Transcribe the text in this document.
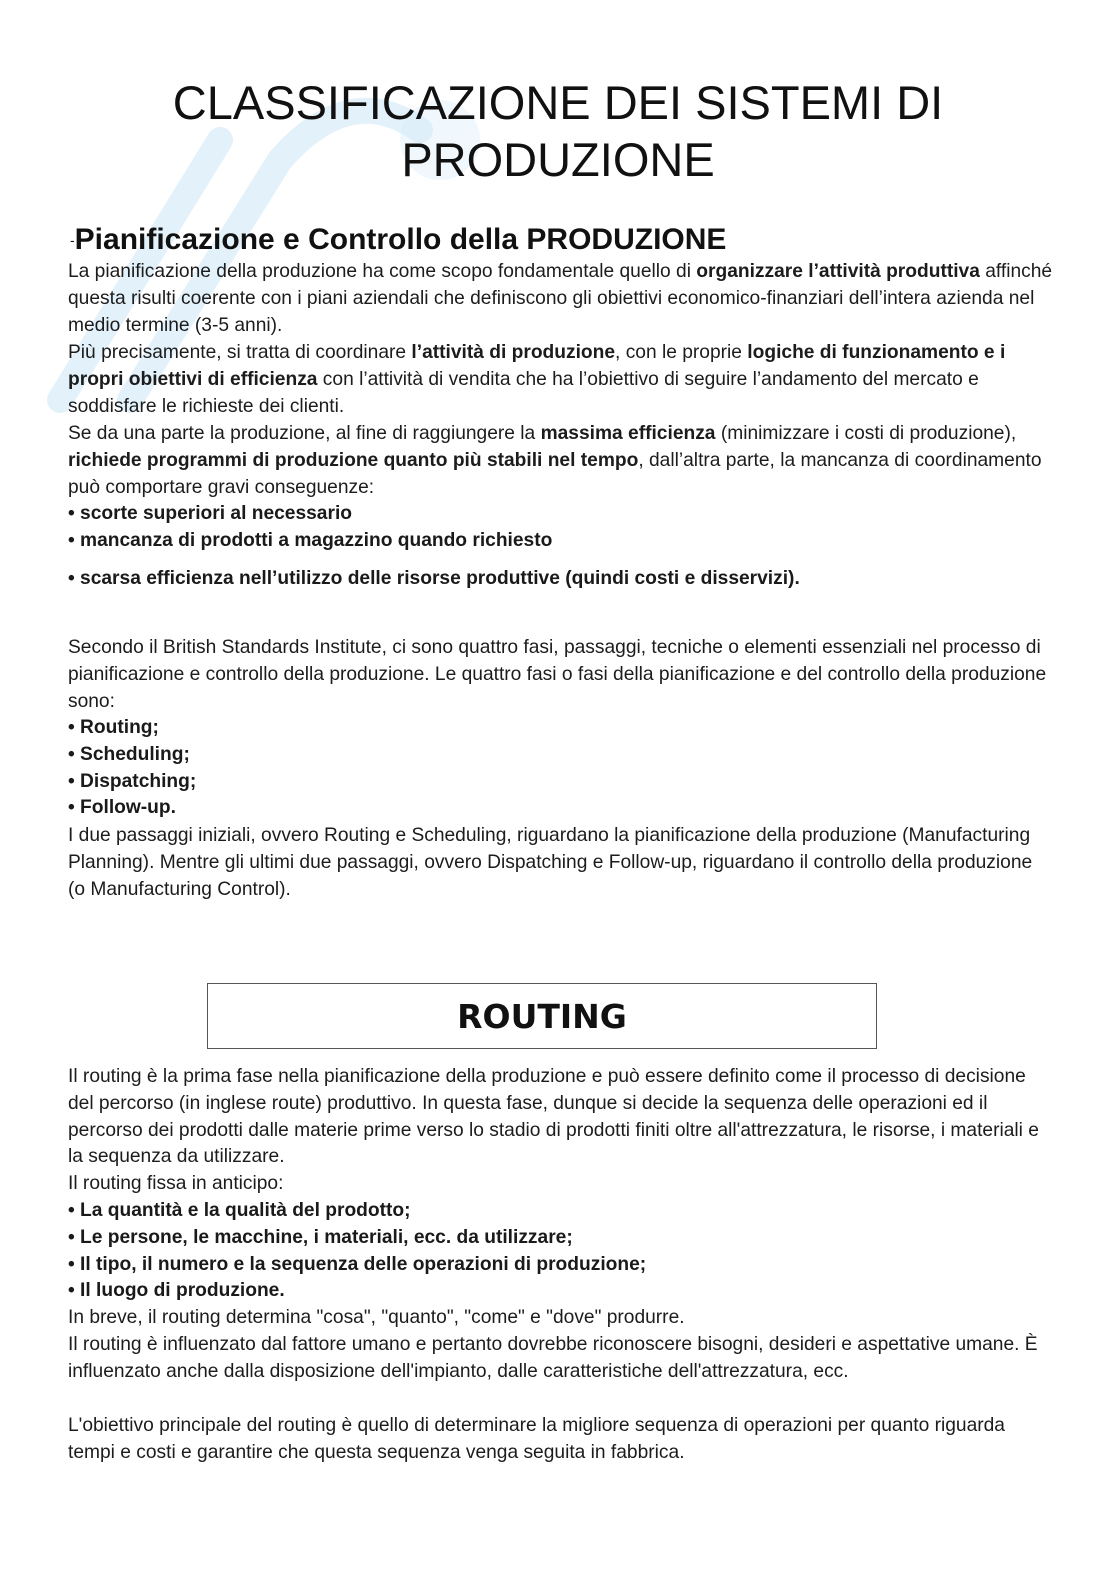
CLASSIFICAZIONE DEI SISTEMI DI PRODUZIONE
-Pianificazione e Controllo della PRODUZIONE

La pianificazione della produzione ha come scopo fondamentale quello di organizzare l’attività produttiva affinché questa risulti coerente con i piani aziendali che definiscono gli obiettivi economico-finanziari dell’intera azienda nel medio termine (3-5 anni).

Più precisamente, si tratta di coordinare l’attività di produzione, con le proprie logiche di funzionamento e i propri obiettivi di efficienza con l’attività di vendita che ha l’obiettivo di seguire l’andamento del mercato e soddisfare le richieste dei clienti.

Se da una parte la produzione, al fine di raggiungere la massima efficienza (minimizzare i costi di produzione), richiede programmi di produzione quanto più stabili nel tempo, dall’altra parte, la mancanza di coordinamento può comportare gravi conseguenze:

• scorte superiori al necessario
• mancanza di prodotti a magazzino quando richiesto
• scarsa efficienza nell’utilizzo delle risorse produttive (quindi costi e disservizi).

Secondo il British Standards Institute, ci sono quattro fasi, passaggi, tecniche o elementi essenziali nel processo di pianificazione e controllo della produzione. Le quattro fasi o fasi della pianificazione e del controllo della produzione sono:

• Routing;
• Scheduling;
• Dispatching;
• Follow-up.

I due passaggi iniziali, ovvero Routing e Scheduling, riguardano la pianificazione della produzione (Manufacturing Planning). Mentre gli ultimi due passaggi, ovvero Dispatching e Follow-up, riguardano il controllo della produzione (o Manufacturing Control).

ROUTING

Il routing è la prima fase nella pianificazione della produzione e può essere definito come il processo di decisione del percorso (in inglese route) produttivo. In questa fase, dunque si decide la sequenza delle operazioni ed il percorso dei prodotti dalle materie prime verso lo stadio di prodotti finiti oltre all'attrezzatura, le risorse, i materiali e la sequenza da utilizzare.

Il routing fissa in anticipo:

• La quantità e la qualità del prodotto;
• Le persone, le macchine, i materiali, ecc. da utilizzare;
• Il tipo, il numero e la sequenza delle operazioni di produzione;
• Il luogo di produzione.

In breve, il routing determina "cosa", "quanto", "come" e "dove" produrre.

Il routing è influenzato dal fattore umano e pertanto dovrebbe riconoscere bisogni, desideri e aspettative umane. È influenzato anche dalla disposizione dell'impianto, dalle caratteristiche dell'attrezzatura, ecc.

L'obiettivo principale del routing è quello di determinare la migliore sequenza di operazioni per quanto riguarda tempi e costi e garantire che questa sequenza venga seguita in fabbrica.
